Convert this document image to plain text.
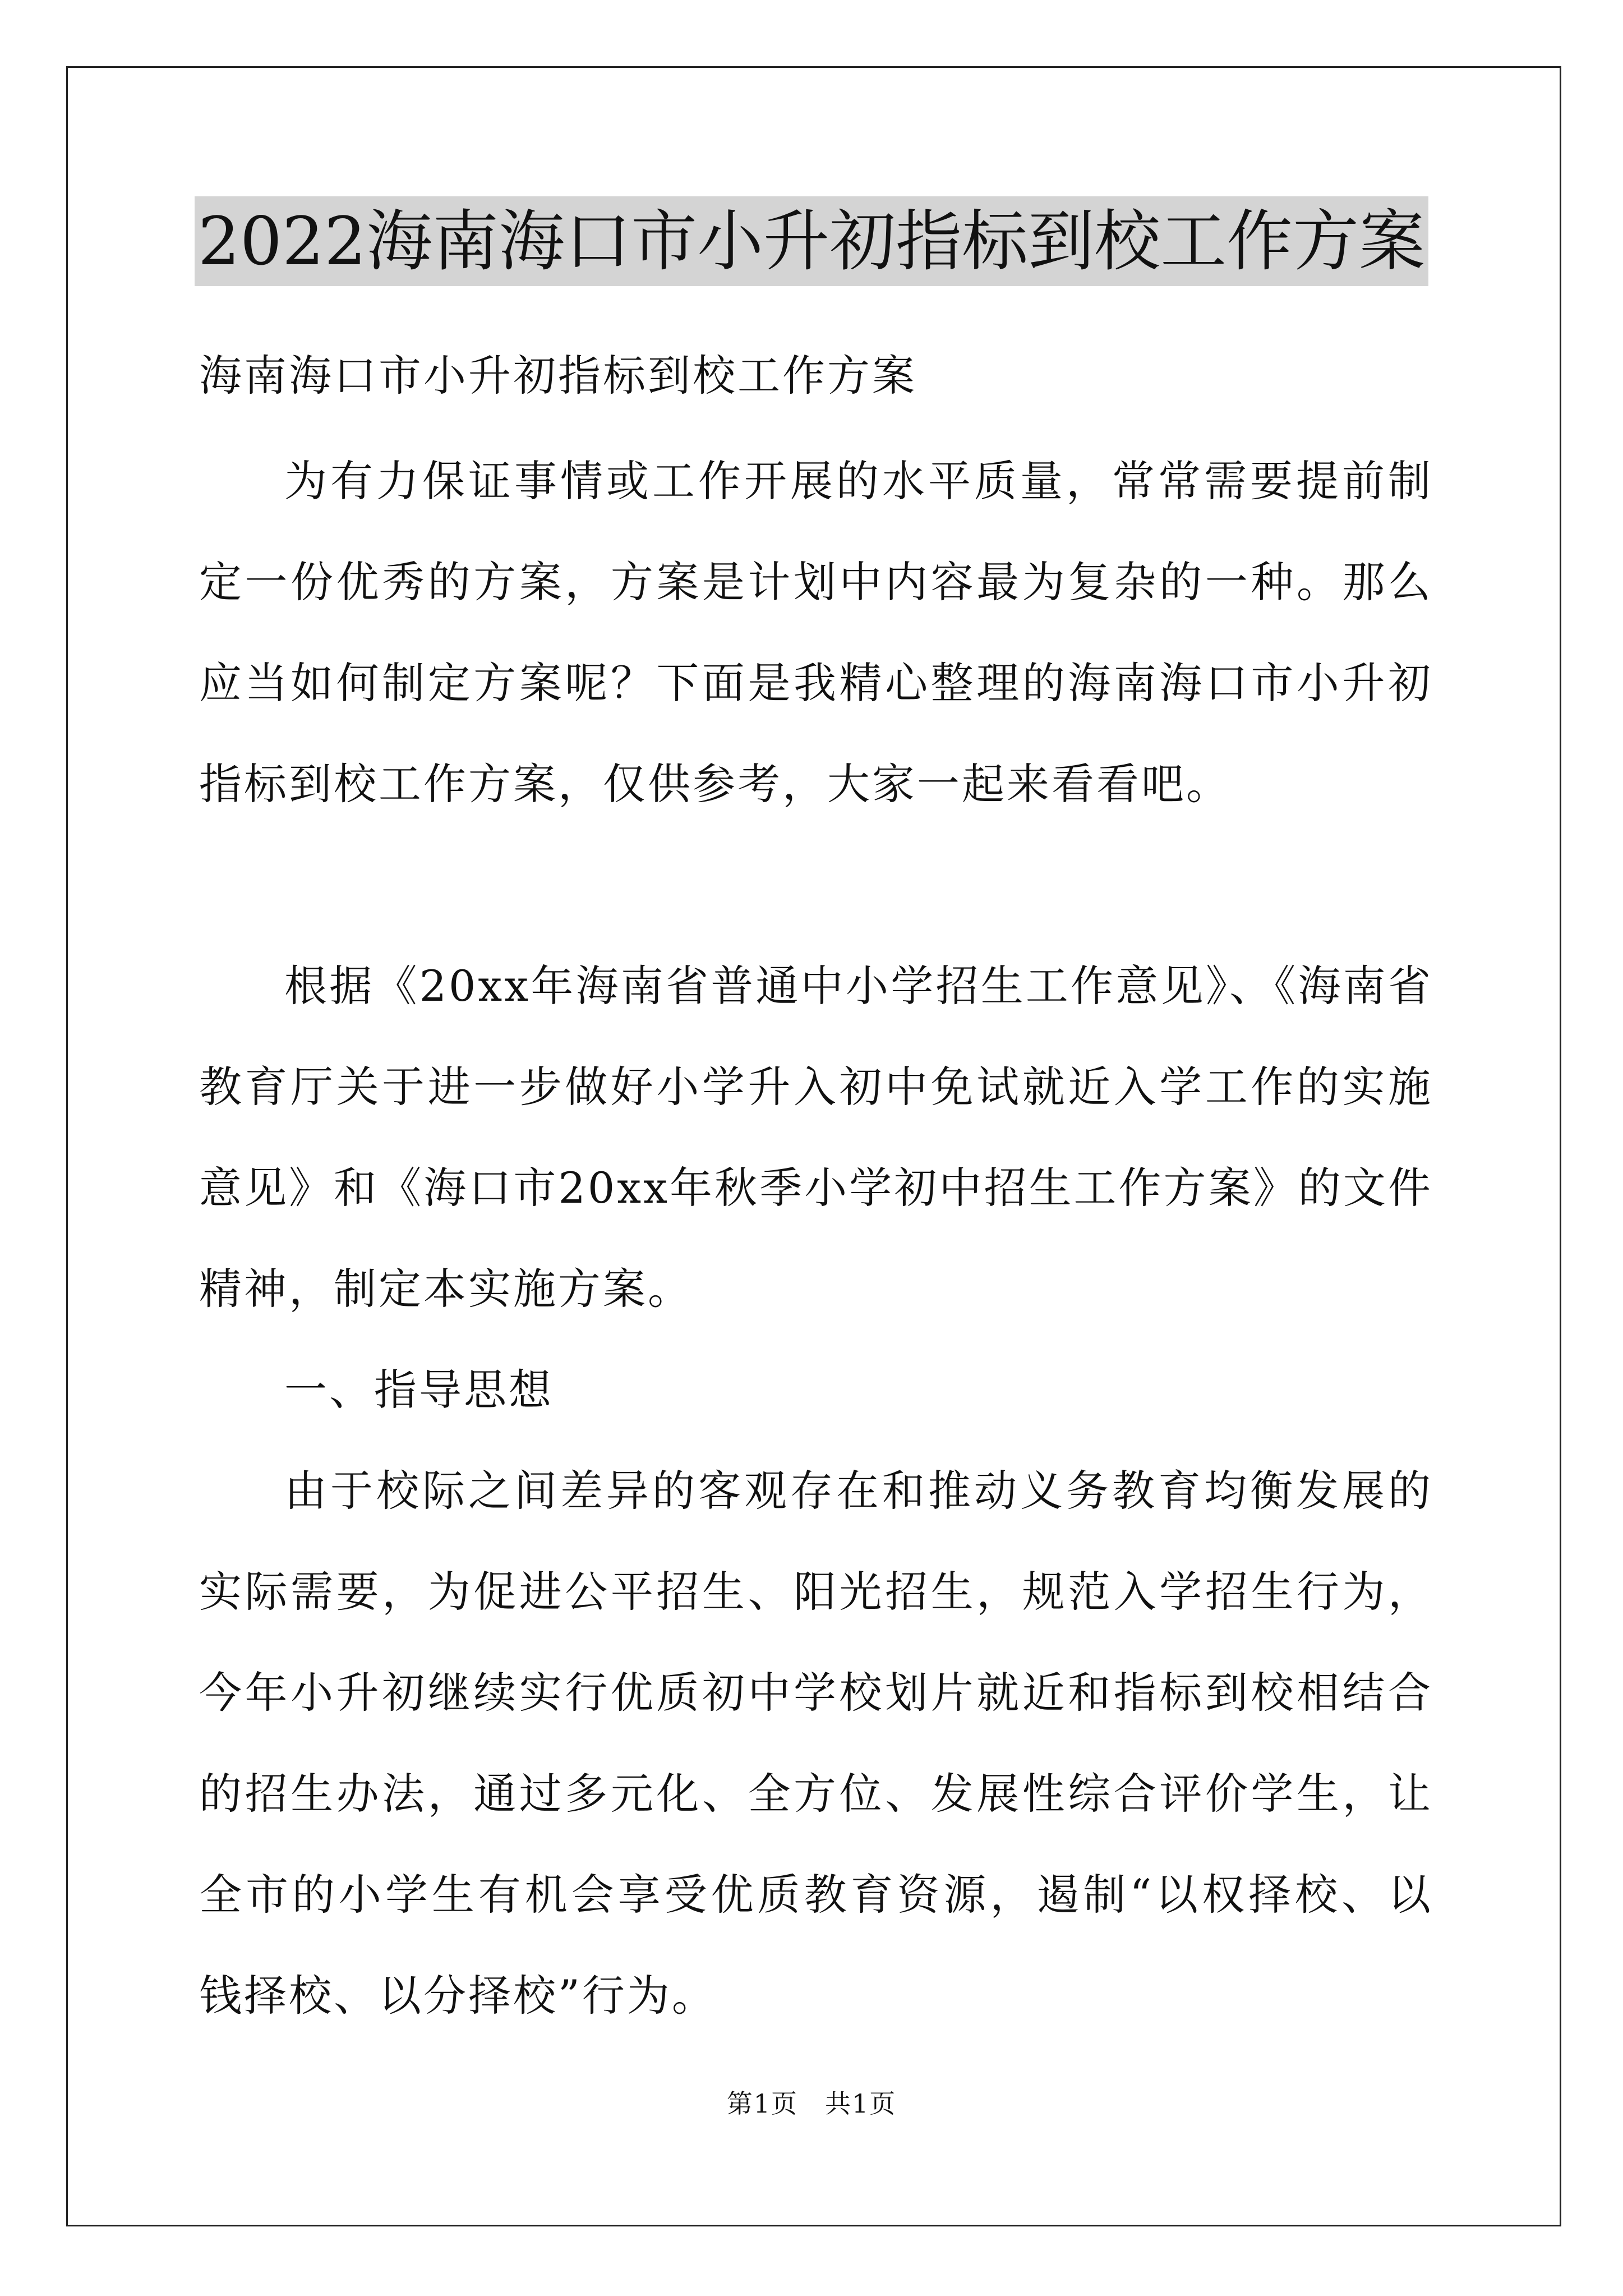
2022海南海口市小升初指标到校工作方案

海南海口市小升初指标到校工作方案

为有力保证事情或工作开展的水平质量，常常需要提前制定一份优秀的方案，方案是计划中内容最为复杂的一种。那么应当如何制定方案呢？下面是我精心整理的海南海口市小升初指标到校工作方案，仅供参考，大家一起来看看吧。

根据《20xx年海南省普通中小学招生工作意见》、《海南省教育厅关于进一步做好小学升入初中免试就近入学工作的实施意见》和《海口市20xx年秋季小学初中招生工作方案》的文件精神，制定本实施方案。

一、指导思想

由于校际之间差异的客观存在和推动义务教育均衡发展的实际需要，为促进公平招生、阳光招生，规范入学招生行为，今年小升初继续实行优质初中学校划片就近和指标到校相结合的招生办法，通过多元化、全方位、发展性综合评价学生，让全市的小学生有机会享受优质教育资源，遏制“以权择校、以钱择校、以分择校”行为。

第1页　共1页
